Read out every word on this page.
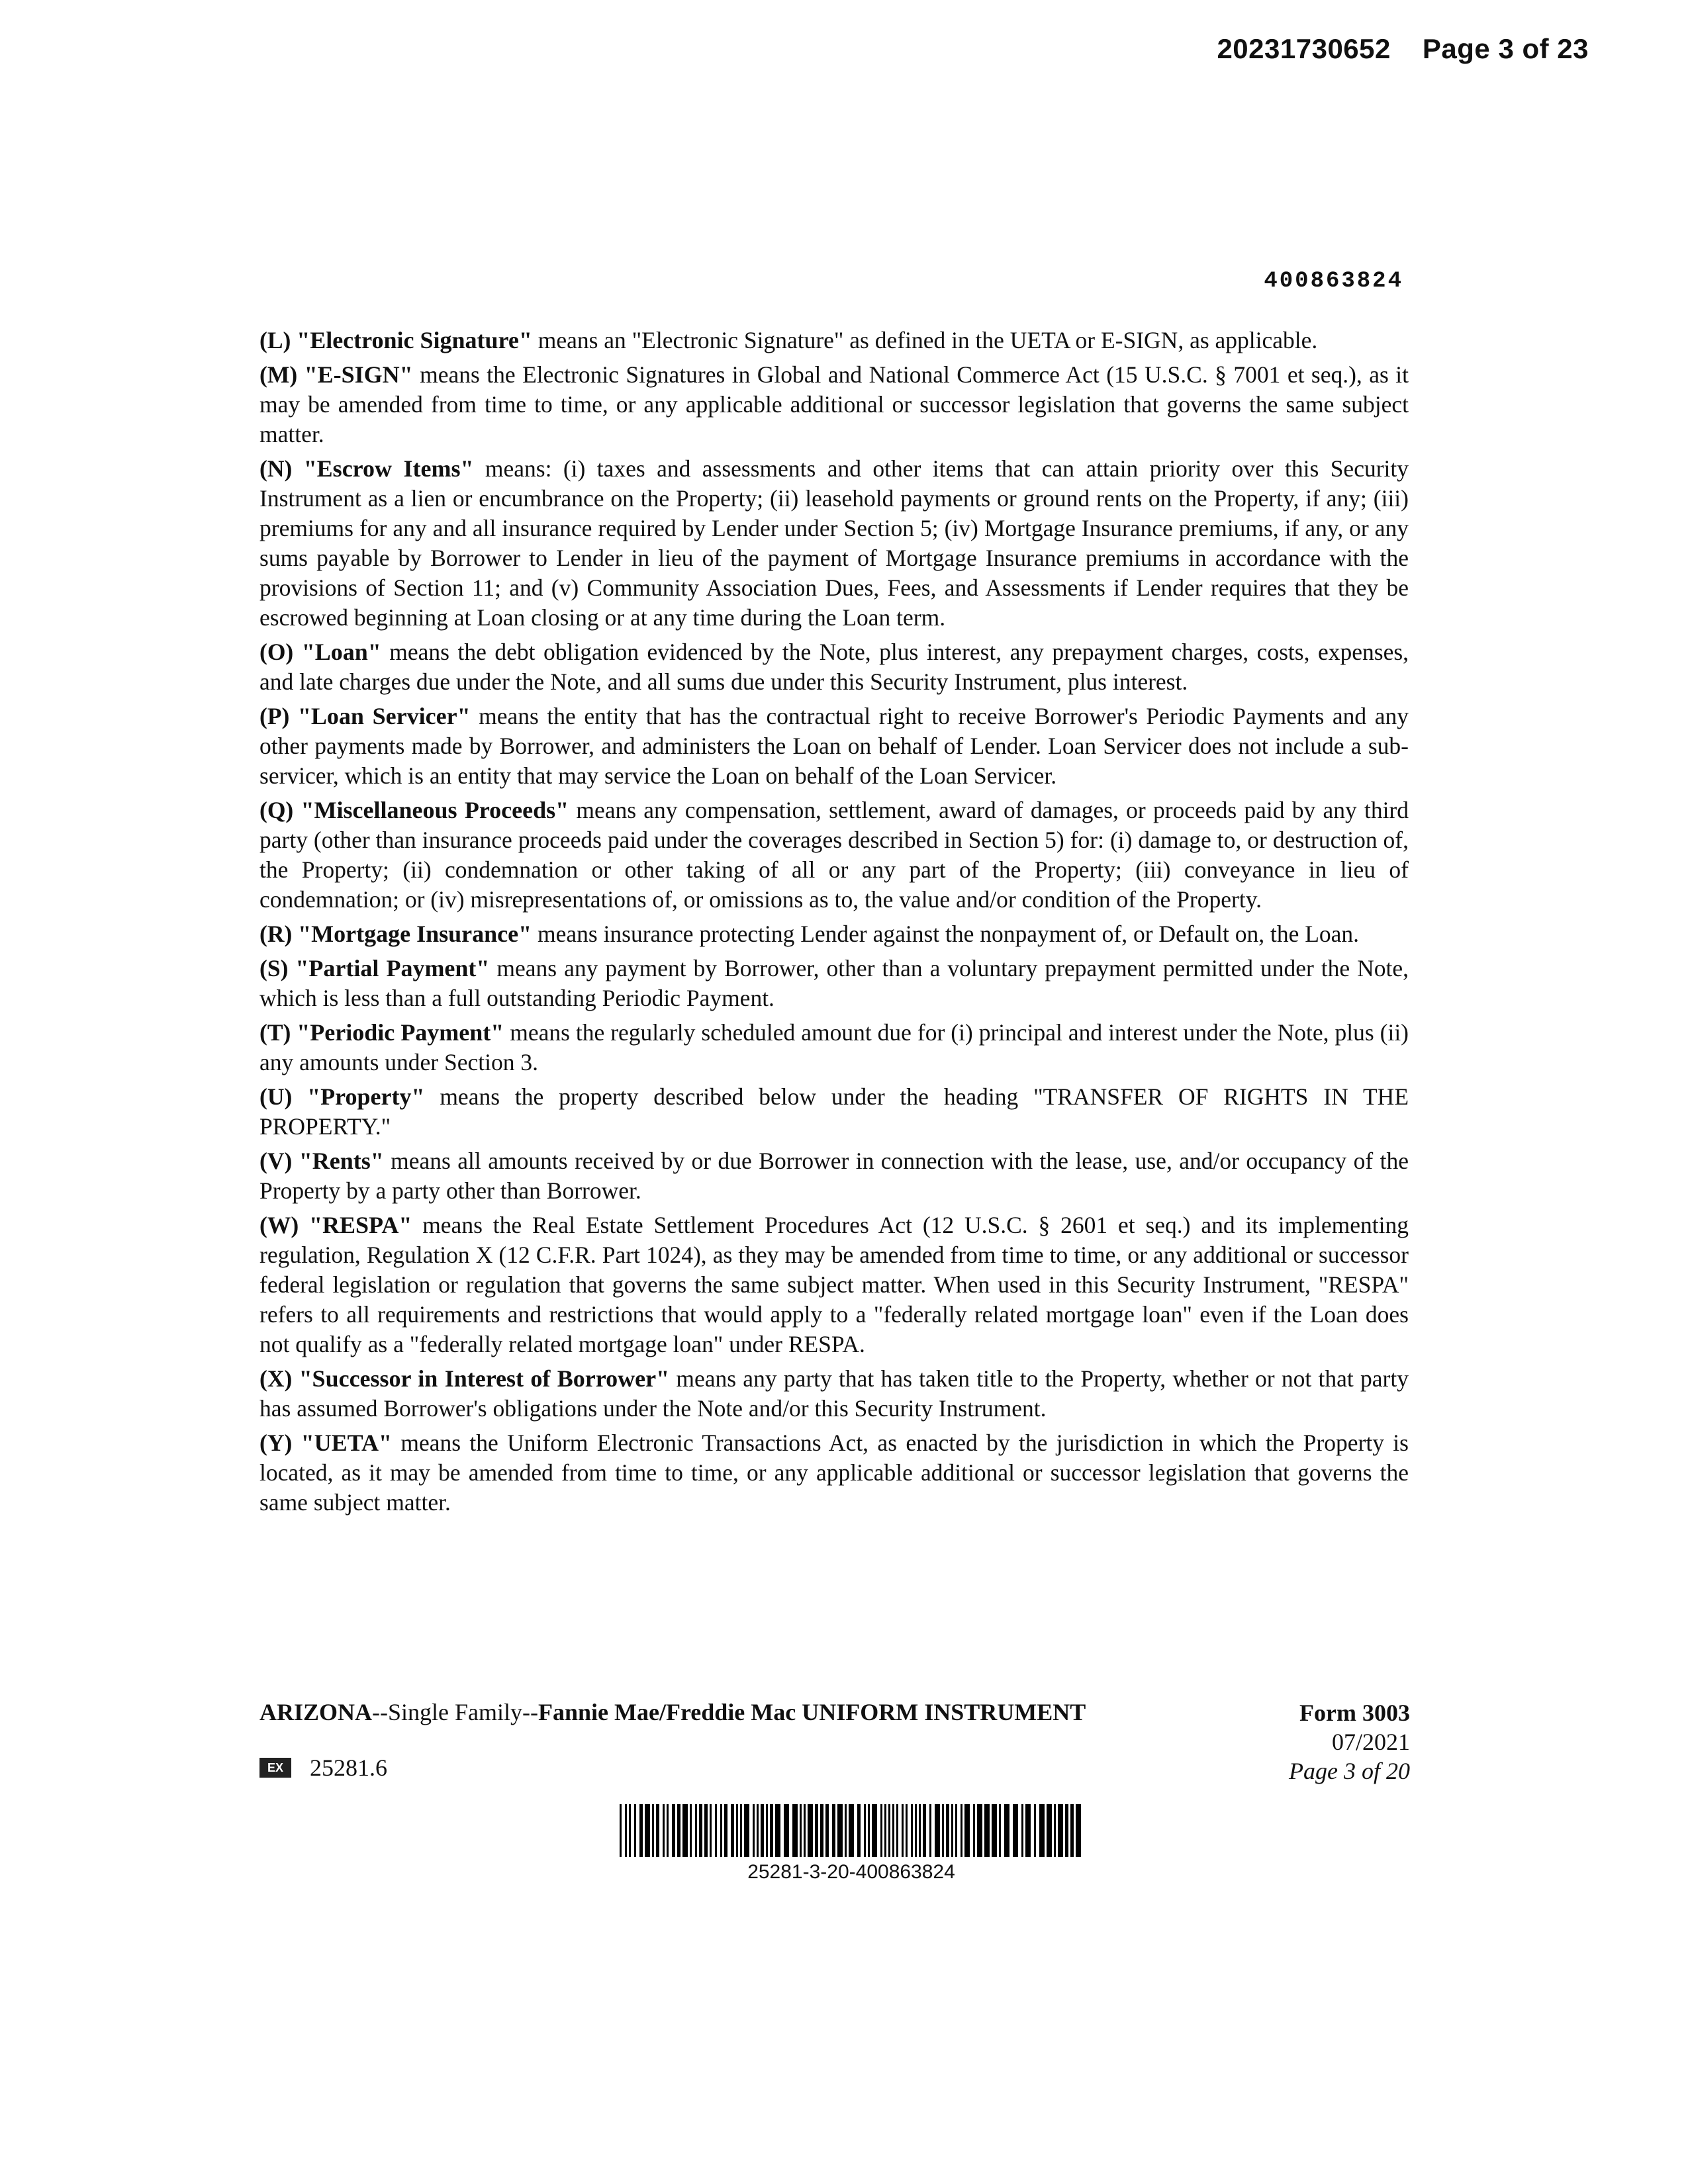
20231730652 Page 3 of 23
400863824

(L) "Electronic Signature" means an "Electronic Signature" as defined in the UETA or E-SIGN, as applicable.

(M) "E-SIGN" means the Electronic Signatures in Global and National Commerce Act (15 U.S.C. § 7001 et seq.), as it may be amended from time to time, or any applicable additional or successor legislation that governs the same subject matter.

(N) "Escrow Items" means: (i) taxes and assessments and other items that can attain priority over this Security Instrument as a lien or encumbrance on the Property; (ii) leasehold payments or ground rents on the Property, if any; (iii) premiums for any and all insurance required by Lender under Section 5; (iv) Mortgage Insurance premiums, if any, or any sums payable by Borrower to Lender in lieu of the payment of Mortgage Insurance premiums in accordance with the provisions of Section 11; and (v) Community Association Dues, Fees, and Assessments if Lender requires that they be escrowed beginning at Loan closing or at any time during the Loan term.

(O) "Loan" means the debt obligation evidenced by the Note, plus interest, any prepayment charges, costs, expenses, and late charges due under the Note, and all sums due under this Security Instrument, plus interest.

(P) "Loan Servicer" means the entity that has the contractual right to receive Borrower's Periodic Payments and any other payments made by Borrower, and administers the Loan on behalf of Lender. Loan Servicer does not include a sub-servicer, which is an entity that may service the Loan on behalf of the Loan Servicer.

(Q) "Miscellaneous Proceeds" means any compensation, settlement, award of damages, or proceeds paid by any third party (other than insurance proceeds paid under the coverages described in Section 5) for: (i) damage to, or destruction of, the Property; (ii) condemnation or other taking of all or any part of the Property; (iii) conveyance in lieu of condemnation; or (iv) misrepresentations of, or omissions as to, the value and/or condition of the Property.

(R) "Mortgage Insurance" means insurance protecting Lender against the nonpayment of, or Default on, the Loan.

(S) "Partial Payment" means any payment by Borrower, other than a voluntary prepayment permitted under the Note, which is less than a full outstanding Periodic Payment.

(T) "Periodic Payment" means the regularly scheduled amount due for (i) principal and interest under the Note, plus (ii) any amounts under Section 3.

(U) "Property" means the property described below under the heading "TRANSFER OF RIGHTS IN THE PROPERTY."

(V) "Rents" means all amounts received by or due Borrower in connection with the lease, use, and/or occupancy of the Property by a party other than Borrower.

(W) "RESPA" means the Real Estate Settlement Procedures Act (12 U.S.C. § 2601 et seq.) and its implementing regulation, Regulation X (12 C.F.R. Part 1024), as they may be amended from time to time, or any additional or successor federal legislation or regulation that governs the same subject matter. When used in this Security Instrument, "RESPA" refers to all requirements and restrictions that would apply to a "federally related mortgage loan" even if the Loan does not qualify as a "federally related mortgage loan" under RESPA.

(X) "Successor in Interest of Borrower" means any party that has taken title to the Property, whether or not that party has assumed Borrower's obligations under the Note and/or this Security Instrument.

(Y) "UETA" means the Uniform Electronic Transactions Act, as enacted by the jurisdiction in which the Property is located, as it may be amended from time to time, or any applicable additional or successor legislation that governs the same subject matter.

ARIZONA--Single Family--Fannie Mae/Freddie Mac UNIFORM INSTRUMENT	Form 3003
07/2021
Page 3 of 20
EX	25281.6
25281-3-20-400863824
